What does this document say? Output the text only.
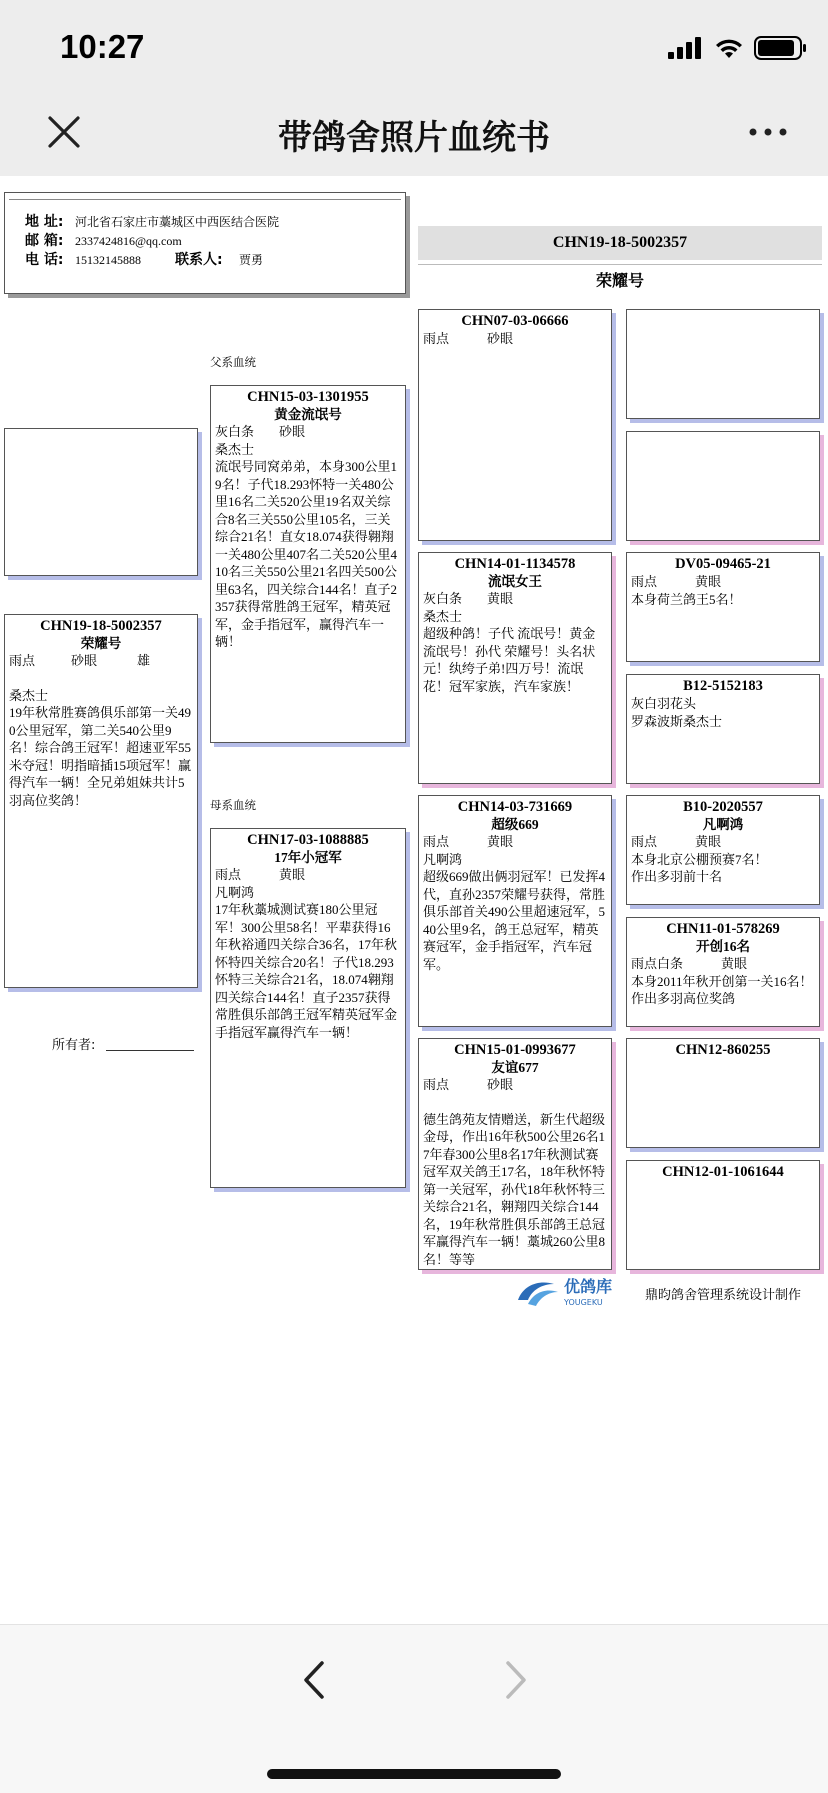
10:27
带鸽舍照片血统书
地 址: 河北省石家庄市藁城区中西医结合医院
邮 箱: 2337424816@qq.com
电 话: 15132145888 联系人: 贾勇
CHN19-18-5002357
荣耀号
CHN19-18-5002357
荣耀号
雨点	砂眼	雄
桑杰士
19年秋常胜赛鸽俱乐部第一关490公里冠军，第二关540公里9名！综合鸽王冠军！超速亚军55米夺冠！明指暗插15项冠军！赢得汽车一辆！全兄弟姐妹共计5羽高位奖鸽！
所有者:
父系血统
母系血统
CHN15-03-1301955
黄金流氓号
灰白条	砂眼
桑杰士
流氓号同窝弟弟，本身300公里19名！子代18.293怀特一关480公里16名二关520公里19名双关综合8名三关550公里105名，三关综合21名！直女18.074获得翱翔一关480公里407名二关520公里410名三关550公里21名四关500公里63名，四关综合144名！直子2357获得常胜鸽王冠军，精英冠军，金手指冠军，赢得汽车一辆！
CHN17-03-1088885
17年小冠军
雨点	黄眼
凡啊鸿
17年秋藁城测试赛180公里冠军！300公里58名！平辈获得16年秋裕通四关综合36名，17年秋怀特四关综合20名！子代18.293怀特三关综合21名，18.074翱翔四关综合144名！直子2357获得常胜俱乐部鸽王冠军精英冠军金手指冠军赢得汽车一辆！
CHN07-03-06666
雨点	砂眼
CHN14-01-1134578
流氓女王
灰白条	黄眼
桑杰士
超级种鸽！子代 流氓号！黄金流氓号！孙代 荣耀号！头名状元！纨绔子弟!四万号！流氓花！冠军家族，汽车家族！
CHN14-03-731669
超级669
雨点	黄眼
凡啊鸿
超级669做出俩羽冠军！已发挥4代，直孙2357荣耀号获得，常胜俱乐部首关490公里超速冠军，540公里9名，鸽王总冠军，精英赛冠军，金手指冠军，汽车冠军。
CHN15-01-0993677
友谊677
雨点	砂眼
德生鸽苑友情赠送，新生代超级金母，作出16年秋500公里26名17年春300公里8名17年秋测试赛冠军双关鸽王17名，18年秋怀特第一关冠军，孙代18年秋怀特三关综合21名，翱翔四关综合144名，19年秋常胜俱乐部鸽王总冠军赢得汽车一辆！藁城260公里8名！等等
DV05-09465-21
雨点	黄眼
本身荷兰鸽王5名！
B12-5152183
灰白羽花头
罗森波斯桑杰士
B10-2020557
凡啊鸿
雨点	黄眼
本身北京公棚预赛7名！
作出多羽前十名
CHN11-01-578269
开创16名
雨点白条	黄眼
本身2011年秋开创第一关16名！
作出多羽高位奖鸽
CHN12-860255
CHN12-01-1061644
优鸽库
YOUGEKU	鼎昀鸽舍管理系统设计制作
